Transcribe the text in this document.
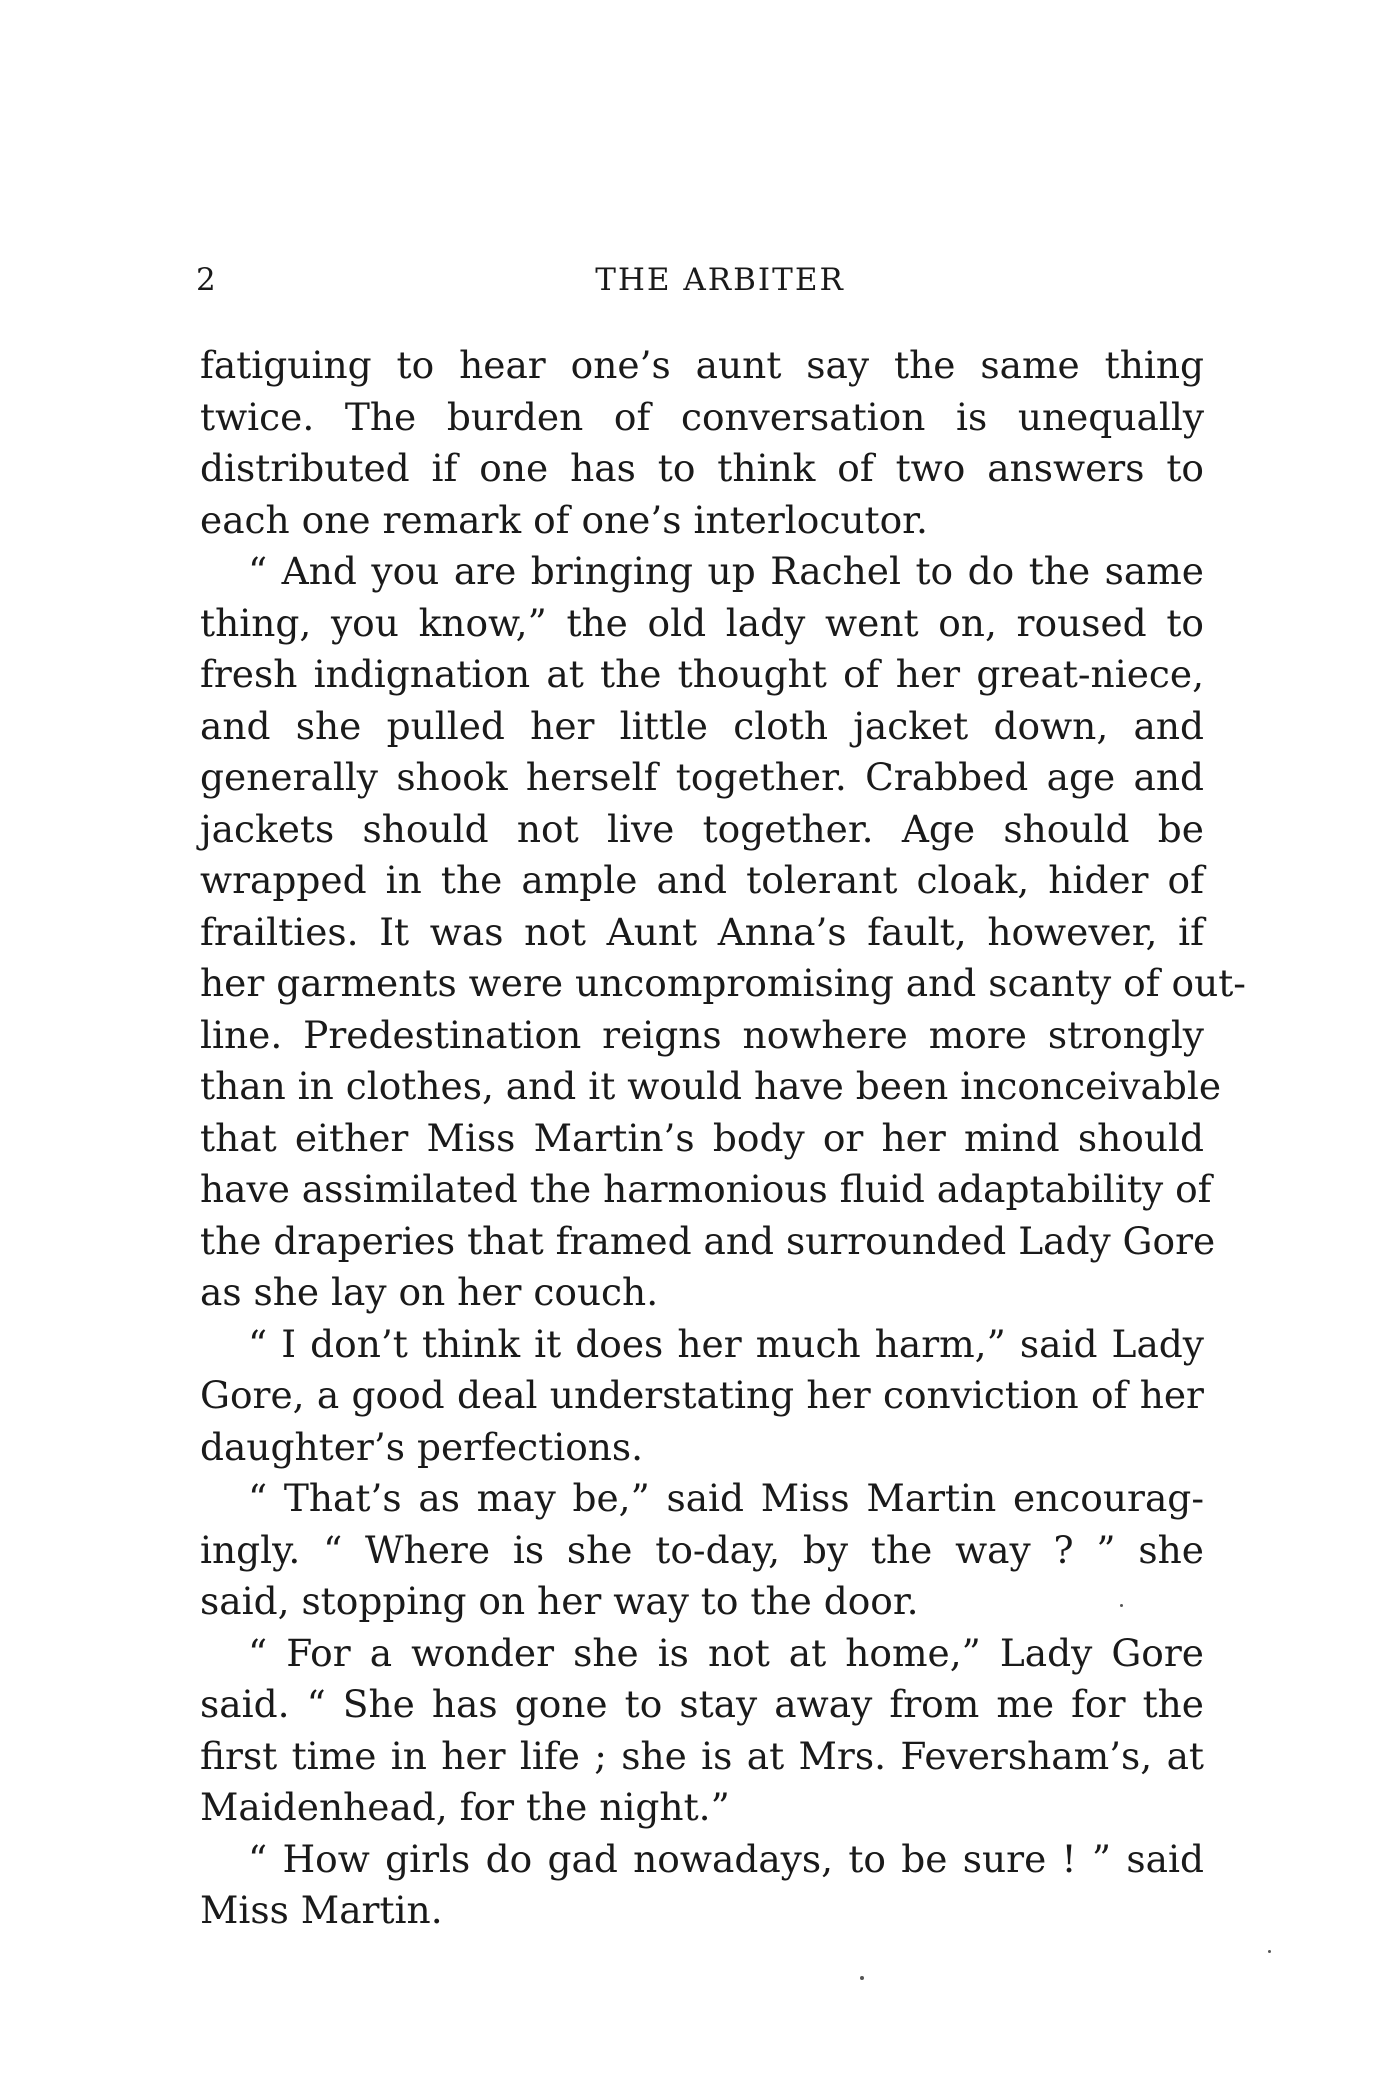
2	THE ARBITER
fatiguing to hear one’s aunt say the same thing
twice. The burden of conversation is unequally
distributed if one has to think of two answers to
each one remark of one’s interlocutor.
“ And you are bringing up Rachel to do the same
thing, you know,” the old lady went on, roused to
fresh indignation at the thought of her great-niece,
and she pulled her little cloth jacket down, and
generally shook herself together. Crabbed age and
jackets should not live together. Age should be
wrapped in the ample and tolerant cloak, hider of
frailties. It was not Aunt Anna’s fault, however, if
her garments were uncompromising and scanty of out-
line. Predestination reigns nowhere more strongly
than in clothes, and it would have been inconceivable
that either Miss Martin’s body or her mind should
have assimilated the harmonious fluid adaptability of
the draperies that framed and surrounded Lady Gore
as she lay on her couch.
“ I don’t think it does her much harm,” said Lady
Gore, a good deal understating her conviction of her
daughter’s perfections.
“ That’s as may be,” said Miss Martin encourag-
ingly. “ Where is she to-day, by the way ? ” she
said, stopping on her way to the door.
“ For a wonder she is not at home,” Lady Gore
said. “ She has gone to stay away from me for the
first time in her life ; she is at Mrs. Feversham’s, at
Maidenhead, for the night.”
“ How girls do gad nowadays, to be sure ! ” said
Miss Martin.
